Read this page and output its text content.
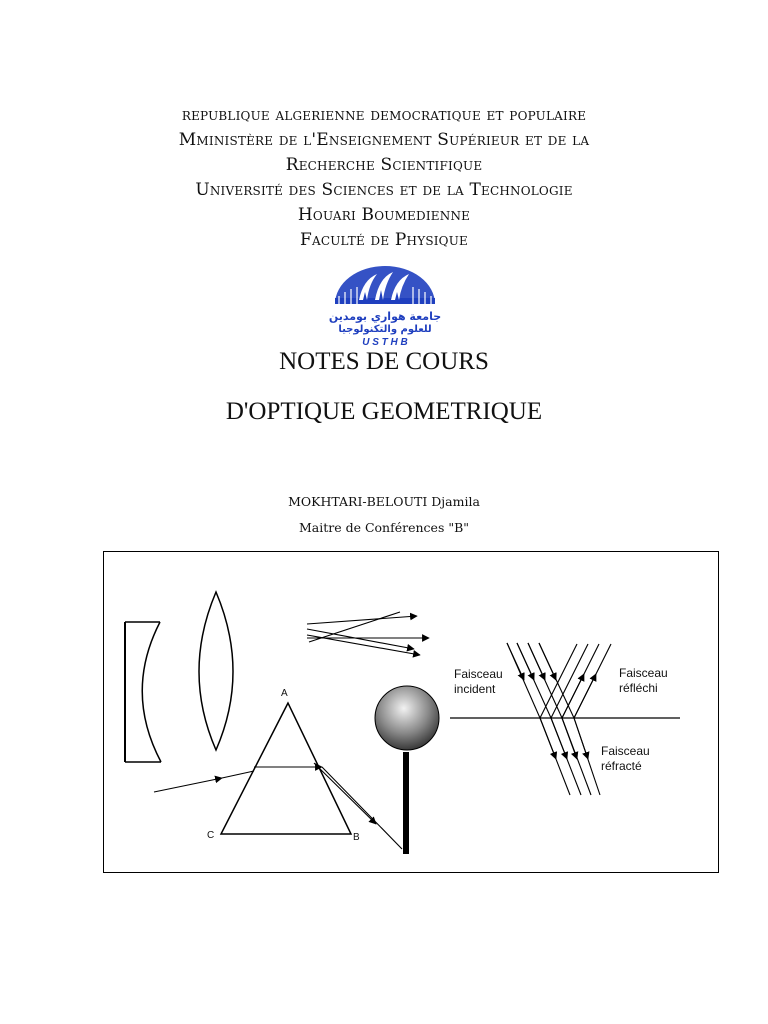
republique algerienne democratique et populaire
Mministère de l'Enseignement Supérieur et de la
Recherche Scientifique
Université des Sciences et de la Technologie
Houari Boumedienne
Faculté de Physique
جامعة هواري بومدين
للعلوم والتكنولوجيا
U S T H B
NOTES DE COURS
D'OPTIQUE GEOMETRIQUE
MOKHTARI-BELOUTI Djamila
Maitre de Conférences "B"
A
C	B
Faisceau
incident
Faisceau
réfléchi
Faisceau
réfracté
